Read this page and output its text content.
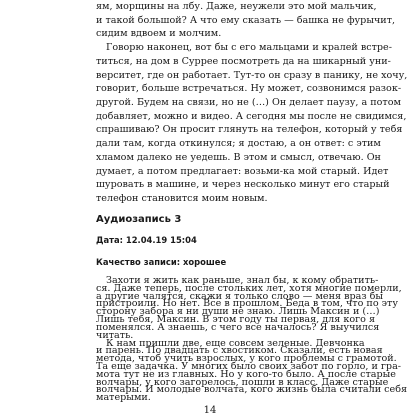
ям, морщины на лбу. Даже, неужели это мой мальчик,
и такой большой? А что ему сказать — башка не фурычит,
сидим вдвоем и молчим.
Говорю наконец, вот бы с его мальцами и кралей встре-
титься, на дом в Суррее посмотреть да на шикарный уни-
верситет, где он работает. Тут-то он сразу в панику, не хочу,
говорит, больше встречаться. Ну может, созвонимся разок-
другой. Будем на связи, но не (…) Он делает паузу, а потом
добавляет, можно и видео. А сегодня мы после не свидимся,
спрашиваю? Он просит глянуть на телефон, который у тебя
дали там, когда откинулся; я достаю, а он ответ: с этим
хламом далеко не уедешь. В этом и смысл, отвечаю. Он
думает, а потом предлагает: возьми-ка мой старый. Идет
шуровать в машине, и через несколько минут его старый
телефон становится моим новым.
Аудиозапись 3
Дата: 12.04.19 15:04
Качество записи: хорошее
Захоти я жить как раньше, знал бы, к кому обратить-
ся. Даже теперь, после стольких лет, хотя многие померли,
а другие чалятся, скажи я только слово — меня враз бы
пристроили. Но нет. Все в прошлом. Беда в том, что по эту
сторону забора я ни души не знаю. Лишь Максин и (…)
Лишь тебя, Максин. В этом году ты первая, для кого я
поменялся. А знаешь, с чего все началось? Я выучился
читать.
К нам пришли две, еще совсем зеленые. Девчонка
и парень. По двадцать с хвостиком. Сказали, есть новая
метода, чтоб учить взрослых, у кого проблемы с грамотой.
Та еще задачка. У многих было своих забот по горло, и гра-
мота тут не из главных. Но у кого-то было. А после старые
волчары, у кого загорелось, пошли в класс. Даже старые
волчары. И молодые волчата, кого жизнь была считали себя
матерыми.
14
